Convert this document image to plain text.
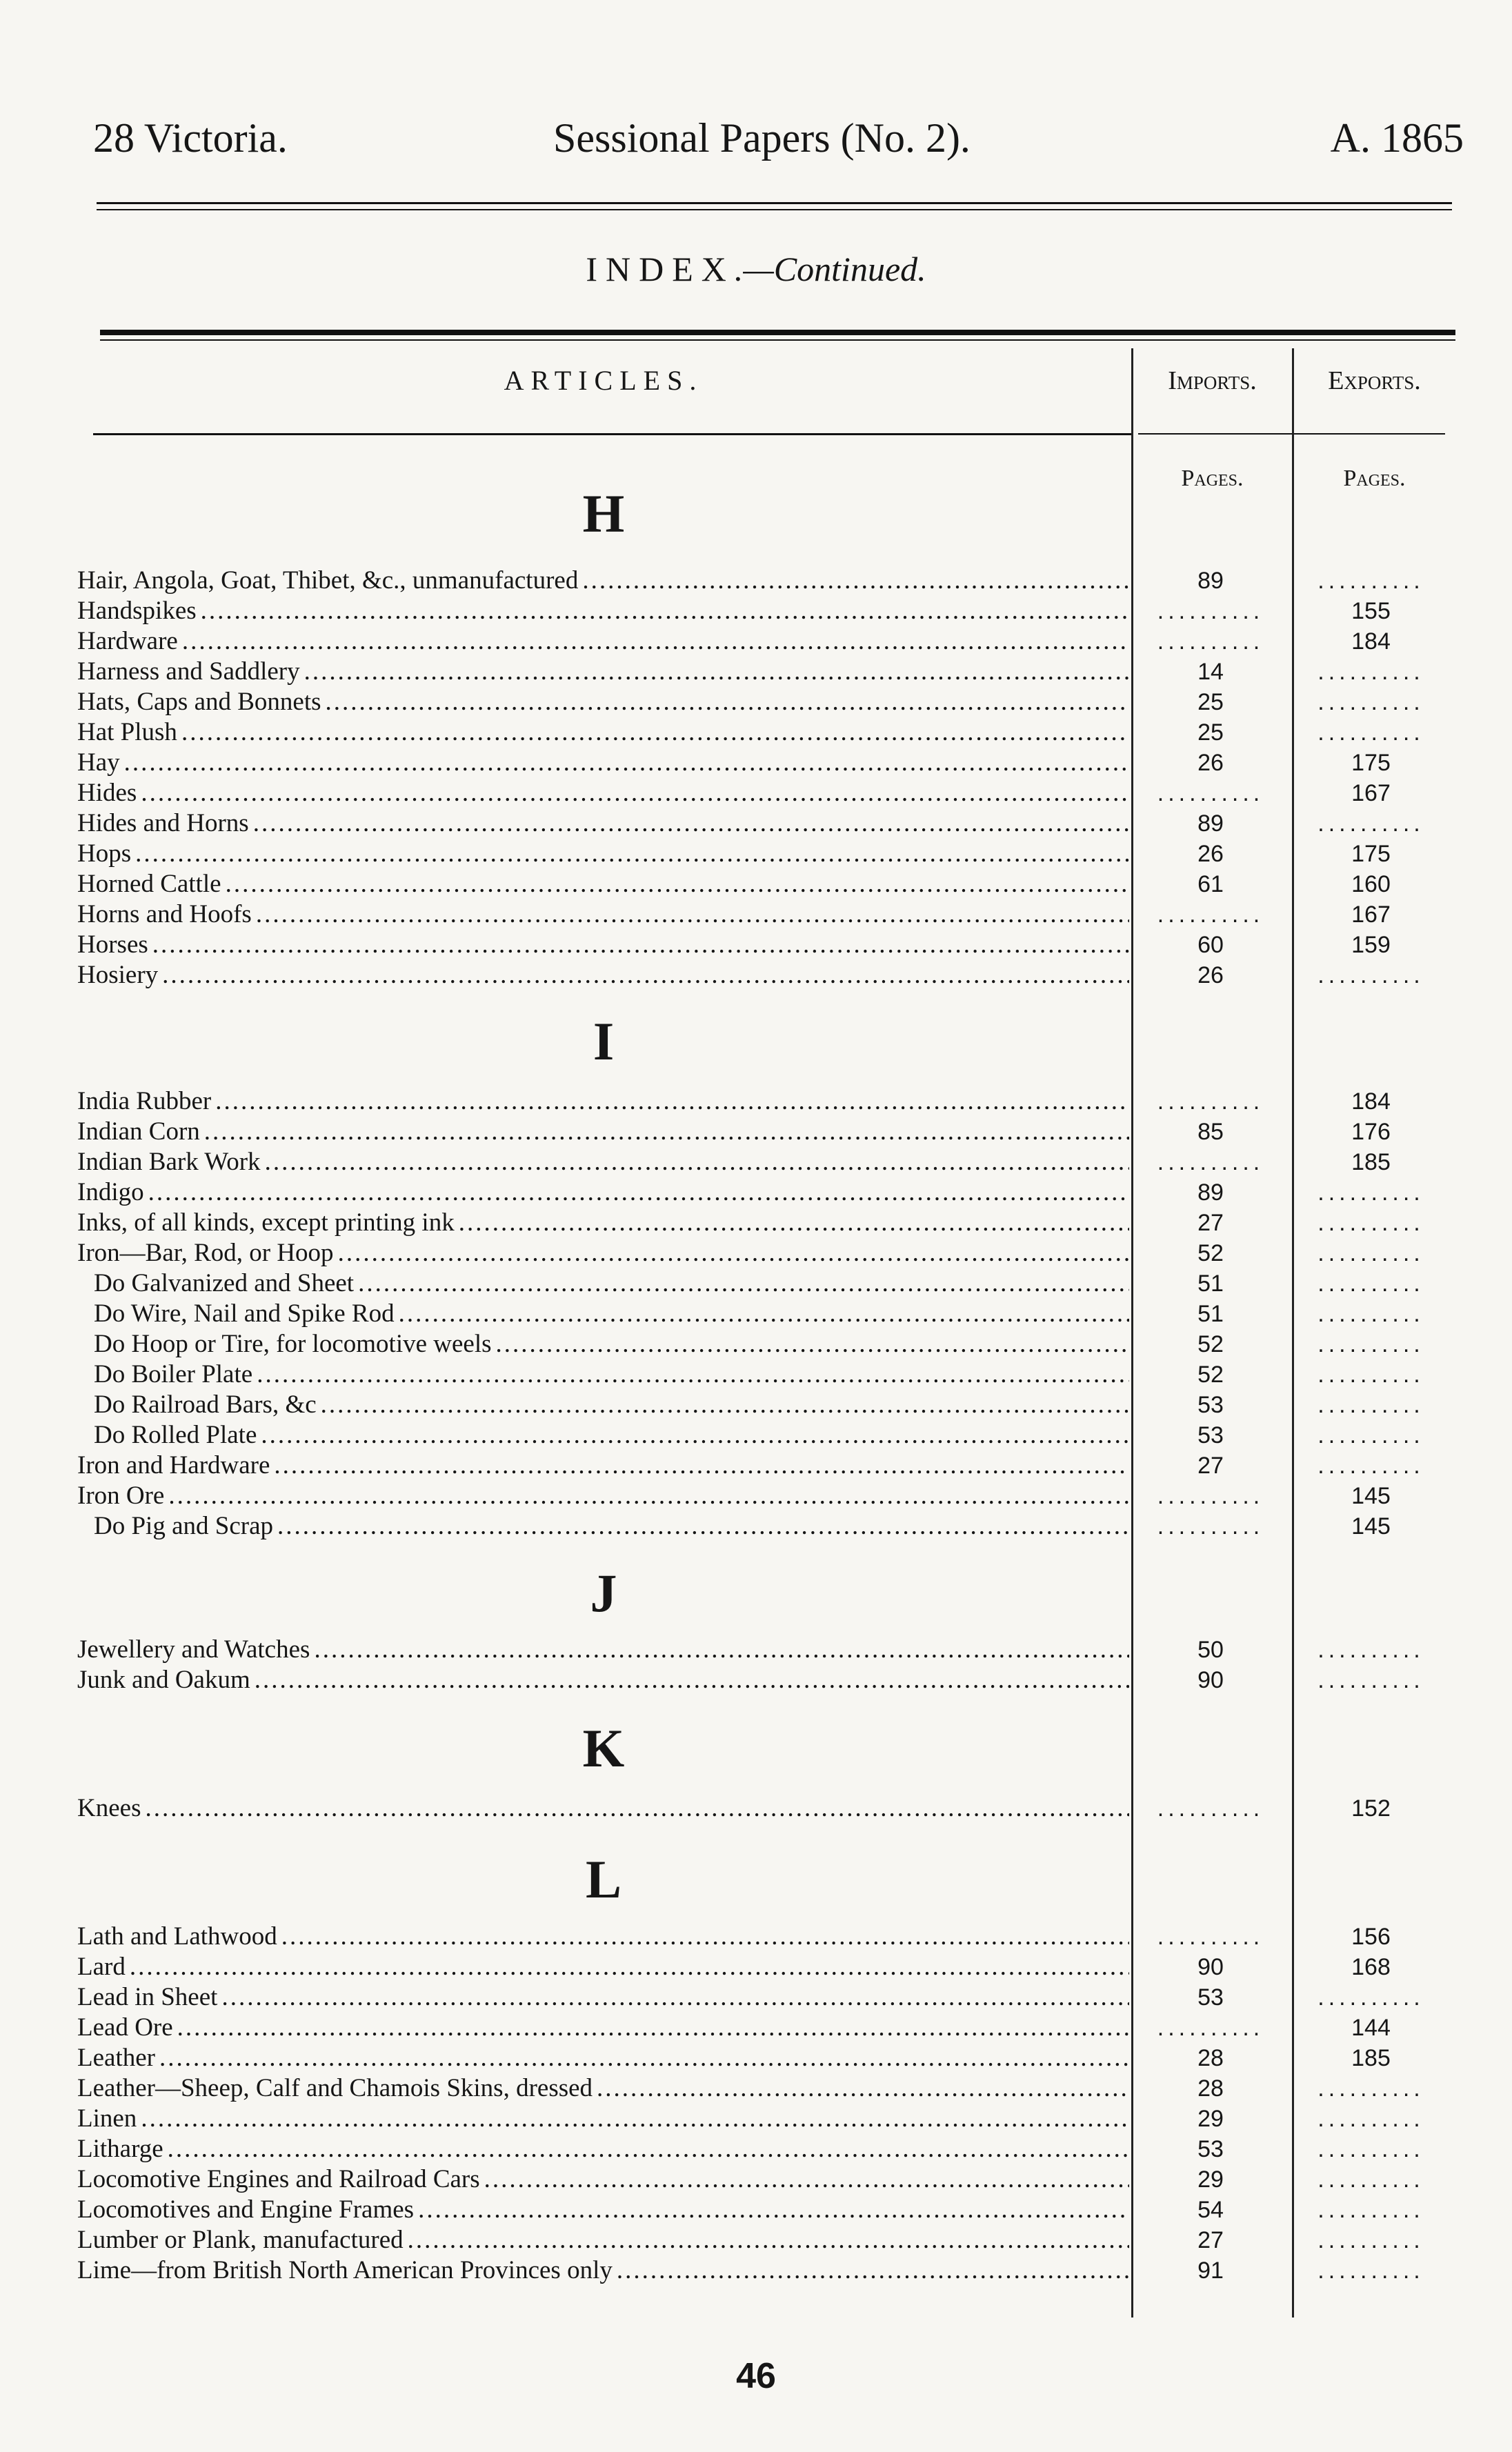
28 Victoria.	Sessional Papers (No. 2).	A. 1865
INDEX.—Continued.
ARTICLES.	Imports.	Exports.
Pages.	Pages.
H
Hair, Angola, Goat, Thibet, &c., unmanufactured .....	89	..........
Handspikes .....	..........	155
Hardware .....	..........	184
Harness and Saddlery .....	14	..........
Hats, Caps and Bonnets .....	25	..........
Hat Plush .....	25	..........
Hay .....	26	175
Hides .....	..........	167
Hides and Horns .....	89	..........
Hops .....	26	175
Horned Cattle .....	61	160
Horns and Hoofs .....	..........	167
Horses .....	60	159
Hosiery .....	26	..........
I
India Rubber .....	..........	184
Indian Corn .....	85	176
Indian Bark Work .....	..........	185
Indigo .....	89	..........
Inks, of all kinds, except printing ink .....	27	..........
Iron—Bar, Rod, or Hoop .....	52	..........
Do Galvanized and Sheet .....	51	..........
Do Wire, Nail and Spike Rod .....	51	..........
Do Hoop or Tire, for locomotive weels .....	52	..........
Do Boiler Plate .....	52	..........
Do Railroad Bars, &c .....	53	..........
Do Rolled Plate .....	53	..........
Iron and Hardware .....	27	..........
Iron Ore .....	..........	145
Do Pig and Scrap .....	..........	145
J
Jewellery and Watches .....	50	..........
Junk and Oakum .....	90	..........
K
Knees .....	..........	152
L
Lath and Lathwood .....	..........	156
Lard .....	90	168
Lead in Sheet .....	53	..........
Lead Ore .....	..........	144
Leather .....	28	185
Leather—Sheep, Calf and Chamois Skins, dressed .....	28	..........
Linen .....	29	..........
Litharge .....	53	..........
Locomotive Engines and Railroad Cars .....	29	..........
Locomotives and Engine Frames .....	54	..........
Lumber or Plank, manufactured .....	27	..........
Lime—from British North American Provinces only .....	91	..........
46
